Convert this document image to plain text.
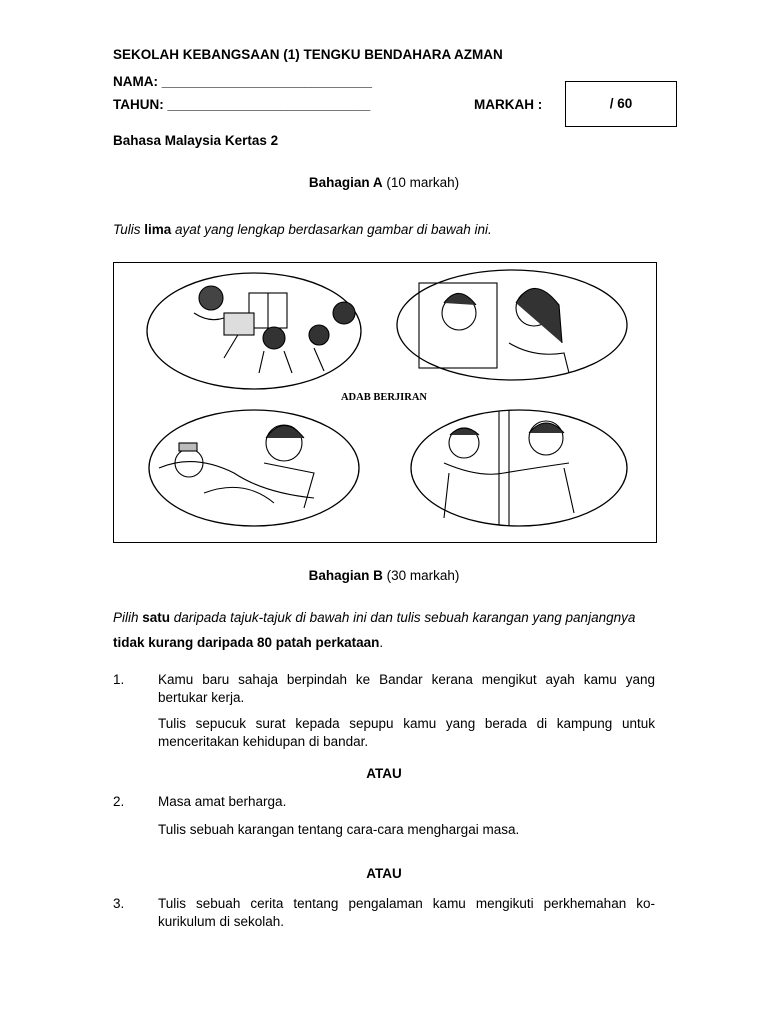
SEKOLAH KEBANGSAAN (1) TENGKU BENDAHARA AZMAN
NAMA: ____________________________
TAHUN: ___________________________	MARKAH :	/ 60
Bahasa Malaysia Kertas 2
Bahagian A (10 markah)
Tulis lima ayat yang lengkap berdasarkan gambar di bawah ini.
ADAB BERJIRAN
Bahagian B (30 markah)
Pilih satu daripada tajuk-tajuk di bawah ini dan tulis sebuah karangan yang panjangnya
tidak kurang daripada 80 patah perkataan.
1. Kamu baru sahaja berpindah ke Bandar kerana mengikut ayah kamu yang bertukar kerja.
Tulis sepucuk surat kepada sepupu kamu yang berada di kampung untuk menceritakan kehidupan di bandar.
ATAU
2. Masa amat berharga.
Tulis sebuah karangan tentang cara-cara menghargai masa.
ATAU
3. Tulis sebuah cerita tentang pengalaman kamu mengikuti perkhemahan ko-kurikulum di sekolah.
